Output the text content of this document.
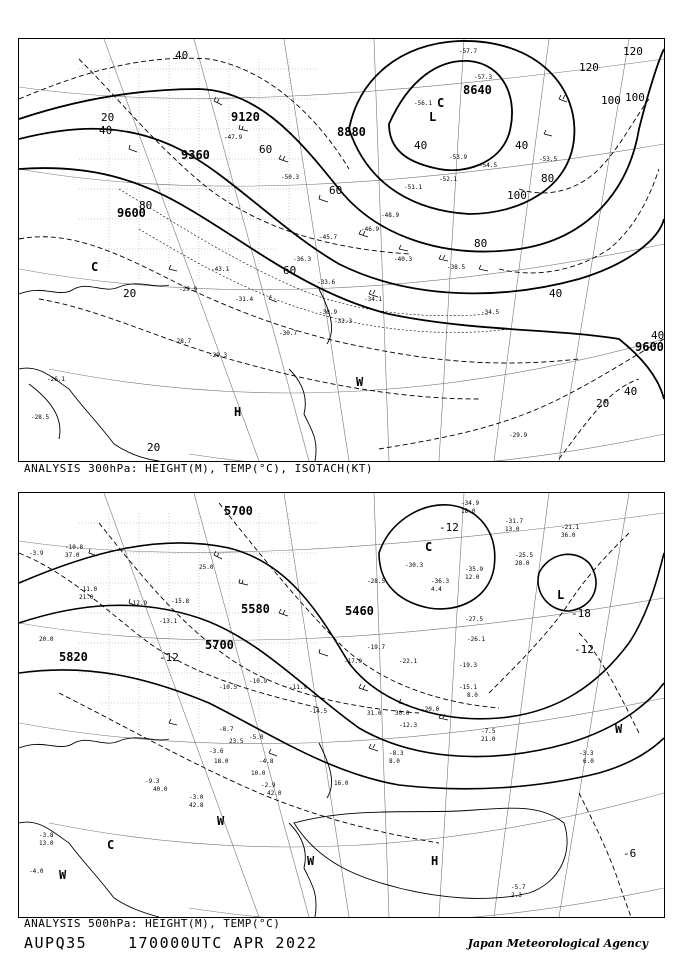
L
C
H
W
C
8640
8880
9120
9360
9600
9600
40
20
40
80
120
100
60	40
60
20
20
100
40
60
80
100
120
80
40
40
20
40
-57.7
-53.9
-54.5
-52.1
-51.1
-48.9
-46.9
-40.3
-38.5
-34.1
-34.5
-32.3
-30.9
-29.9
-29.3
-26.1
-28.5
-29.9
-56.1
-57.3
-53.5
-47.9
-50.3
-45.7
-43.1
-36.3
-33.6
-31.4
-30.7
-28.7
ANALYSIS 300hPa: HEIGHT(M), TEMP(°C), ISOTACH(KT)
C
L
H
W
W
W
C
W
5700
5820
5580	5460
5700
-18
-12
-12
-6
-12
-34.9
-31.7
-35.9
-25.5
-21.1
-36.3
-30.3
-28.5
-27.5
-26.1
-19.3
-15.1
-12.3
-7.5
-8.3
-5.7
-3.3
-9.3
-3.0
-3.8
-4.0
-11.9
-14.5
-17.9
-19.7
-22.1
-20.0
-8.7
-5.0
-4.8
-3.6
-2.9
-10.5
-10.9
-12.9
-13.1
-15.8
-11.0
-10.8
-3.9
18.0
13.0
12.0
28.0
36.0
4.4
8.0
21.0
31.0 30.0
40.0
42.8
42.0
23.5
18.0
16.0
10.0
25.0
6.0
2.3
21.0
20.0
37.0
13.0
8.0
ANALYSIS 500hPa: HEIGHT(M), TEMP(°C)
AUPQ35	170000UTC APR 2022	Japan Meteorological Agency
